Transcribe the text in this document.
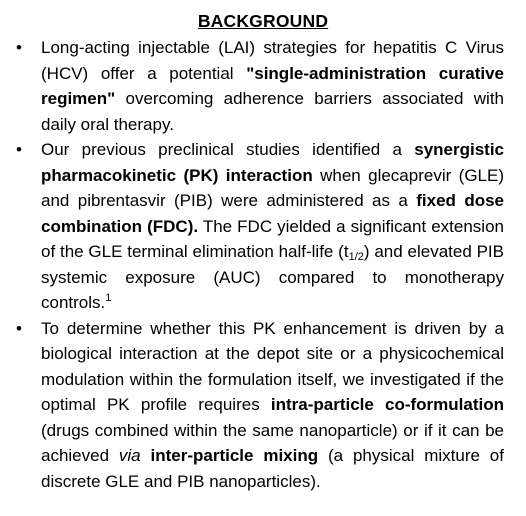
BACKGROUND
• Long-acting injectable (LAI) strategies for hepatitis C Virus (HCV) offer a potential "single-administration curative regimen" overcoming adherence barriers associated with daily oral therapy.
• Our previous preclinical studies identified a synergistic pharmacokinetic (PK) interaction when glecaprevir (GLE) and pibrentasvir (PIB) were administered as a fixed dose combination (FDC). The FDC yielded a significant extension of the GLE terminal elimination half-life $(t_{1/2})$ and elevated PIB systemic exposure (AUC) compared to monotherapy controls.$^1$
• To determine whether this PK enhancement is driven by a biological interaction at the depot site or a physicochemical modulation within the formulation itself, we investigated if the optimal PK profile requires intra-particle co-formulation (drugs combined within the same nanoparticle) or if it can be achieved via inter-particle mixing (a physical mixture of discrete GLE and PIB nanoparticles).
